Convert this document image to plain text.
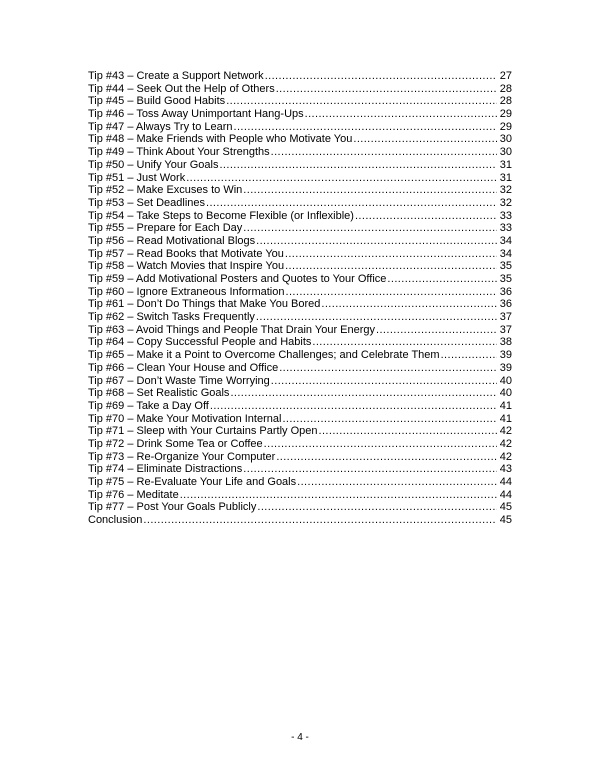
Tip #43 – Create a Support Network .....	27
Tip #44 – Seek Out the Help of Others .....	28
Tip #45 – Build Good Habits .....	28
Tip #46 – Toss Away Unimportant Hang-Ups .....	29
Tip #47 – Always Try to Learn .....	29
Tip #48 – Make Friends with People who Motivate You .....	30
Tip #49 – Think About Your Strengths .....	30
Tip #50 – Unify Your Goals .....	31
Tip #51 – Just Work .....	31
Tip #52 – Make Excuses to Win .....	32
Tip #53 – Set Deadlines .....	32
Tip #54 – Take Steps to Become Flexible (or Inflexible) .....	33
Tip #55 – Prepare for Each Day .....	33
Tip #56 – Read Motivational Blogs .....	34
Tip #57 – Read Books that Motivate You .....	34
Tip #58 – Watch Movies that Inspire You .....	35
Tip #59 – Add Motivational Posters and Quotes to Your Office .....	35
Tip #60 – Ignore Extraneous Information .....	36
Tip #61 – Don’t Do Things that Make You Bored .....	36
Tip #62 – Switch Tasks Frequently .....	37
Tip #63 – Avoid Things and People That Drain Your Energy .....	37
Tip #64 – Copy Successful People and Habits .....	38
Tip #65 – Make it a Point to Overcome Challenges; and Celebrate Them .....	39
Tip #66 – Clean Your House and Office .....	39
Tip #67 – Don’t Waste Time Worrying .....	40
Tip #68 – Set Realistic Goals .....	40
Tip #69 – Take a Day Off .....	41
Tip #70 – Make Your Motivation Internal .....	41
Tip #71 – Sleep with Your Curtains Partly Open .....	42
Tip #72 – Drink Some Tea or Coffee .....	42
Tip #73 – Re-Organize Your Computer .....	42
Tip #74 – Eliminate Distractions .....	43
Tip #75 – Re-Evaluate Your Life and Goals .....	44
Tip #76 – Meditate .....	44
Tip #77 – Post Your Goals Publicly .....	45
Conclusion .....	45
- 4 -
